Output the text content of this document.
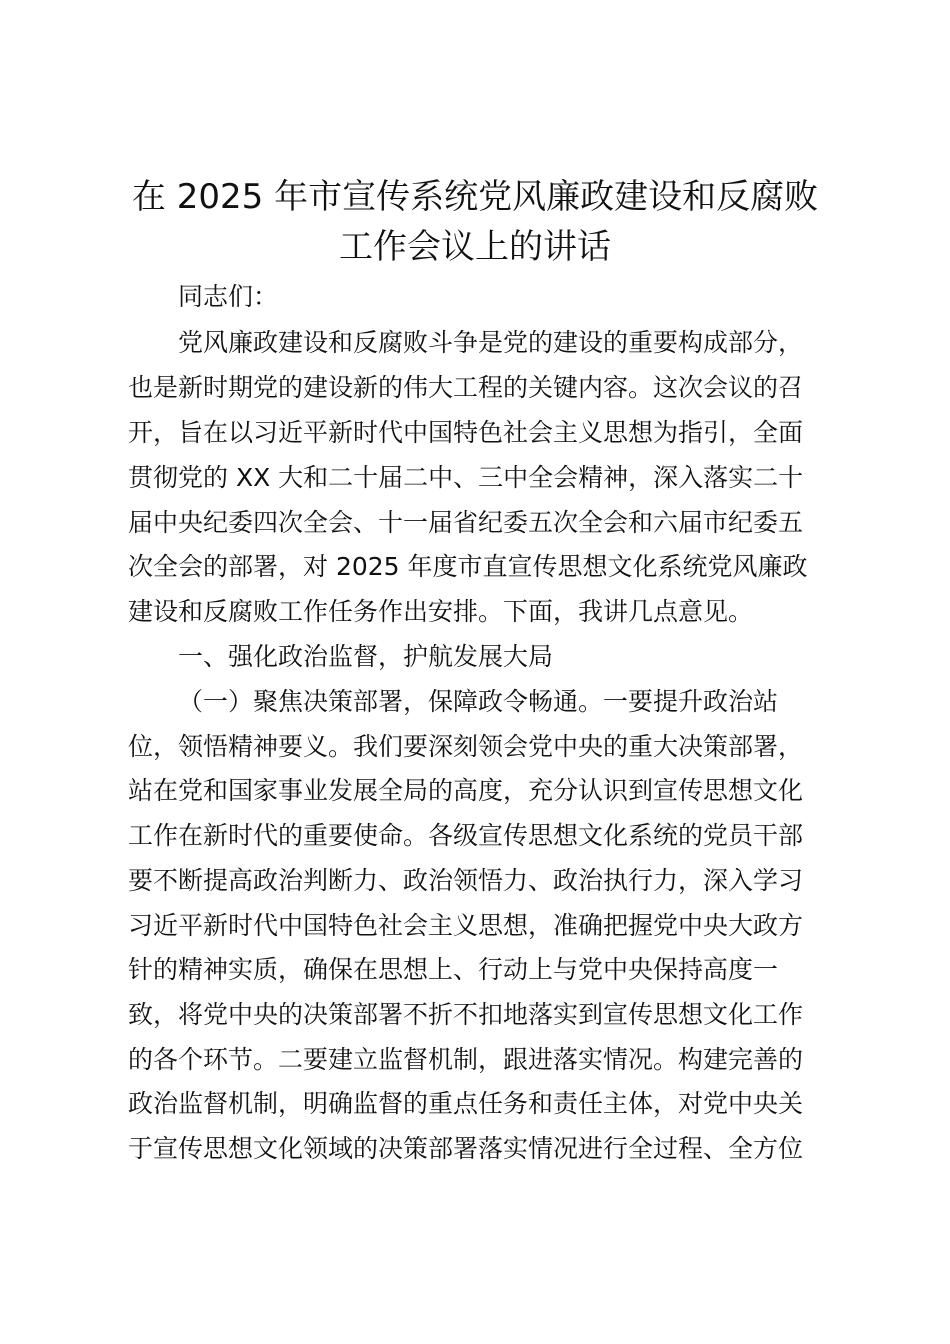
在 2025 年市宣传系统党风廉政建设和反腐败
工作会议上的讲话
同志们：
党风廉政建设和反腐败斗争是党的建设的重要构成部分，
也是新时期党的建设新的伟大工程的关键内容。这次会议的召
开，旨在以习近平新时代中国特色社会主义思想为指引，全面
贯彻党的 XX 大和二十届二中、三中全会精神，深入落实二十
届中央纪委四次全会、十一届省纪委五次全会和六届市纪委五
次全会的部署，对 2025 年度市直宣传思想文化系统党风廉政
建设和反腐败工作任务作出安排。下面，我讲几点意见。
一、强化政治监督，护航发展大局
（一）聚焦决策部署，保障政令畅通。一要提升政治站
位，领悟精神要义。我们要深刻领会党中央的重大决策部署，
站在党和国家事业发展全局的高度，充分认识到宣传思想文化
工作在新时代的重要使命。各级宣传思想文化系统的党员干部
要不断提高政治判断力、政治领悟力、政治执行力，深入学习
习近平新时代中国特色社会主义思想，准确把握党中央大政方
针的精神实质，确保在思想上、行动上与党中央保持高度一
致，将党中央的决策部署不折不扣地落实到宣传思想文化工作
的各个环节。二要建立监督机制，跟进落实情况。构建完善的
政治监督机制，明确监督的重点任务和责任主体，对党中央关
于宣传思想文化领域的决策部署落实情况进行全过程、全方位
